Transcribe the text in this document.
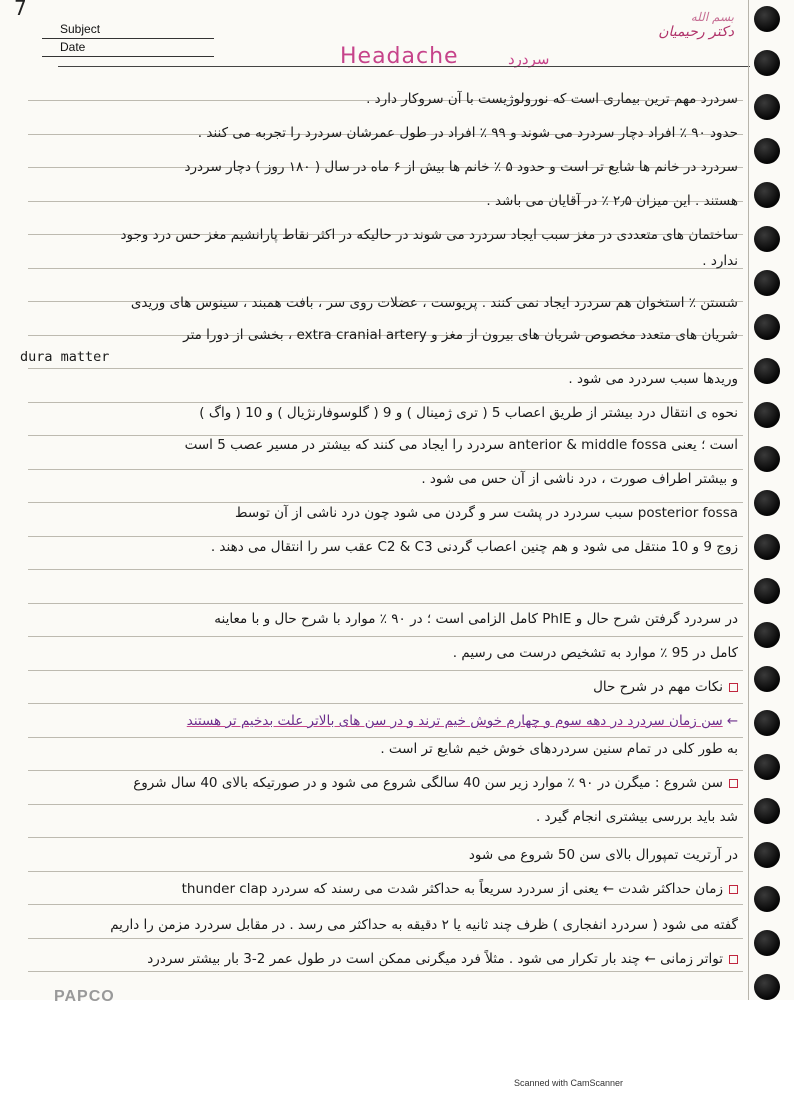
7
Subject
Date
بسم الله
دکتر رحیمیان
Headache	سردرد
سردرد مهم ترین بیماری است که نورولوژیست با آن سروکار دارد .
حدود ۹۰ ٪ افراد دچار سردرد می شوند و ۹۹ ٪ افراد در طول عمرشان سردرد را تجربه می کنند .
سردرد در خانم ها شایع تر است و حدود ۵ ٪ خانم ها بیش از ۶ ماه در سال ( ۱۸۰ روز ) دچار سردرد
هستند . این میزان ۲٫۵ ٪ در آقایان می باشد .
ساختمان های متعددی در مغز سبب ایجاد سردرد می شوند در حالیکه در اکثر نقاط پارانشیم مغز حس درد وجود
ندارد .
شستن ٪ استخوان هم سردرد ایجاد نمی کنند . پریوست ، عضلات روی سر ، بافت همبند ، سینوس های وریدی
شریان های متعدد مخصوص شریان های بیرون از مغز و extra cranial artery ، بخشی از دورا متر
dura matter
وریدها سبب سردرد می شود .
نحوه ی انتقال درد بیشتر از طریق اعصاب 5 ( تری ژمینال ) و 9 ( گلوسوفارنژیال ) و 10 ( واگ )
است ؛ یعنی anterior & middle fossa سردرد را ایجاد می کنند که بیشتر در مسیر عصب 5 است
و بیشتر اطراف صورت ، درد ناشی از آن حس می شود .
posterior fossa سبب سردرد در پشت سر و گردن می شود چون درد ناشی از آن توسط
زوج 9 و 10 منتقل می شود و هم چنین اعصاب گردنی C2 & C3 عقب سر را انتقال می دهند .
در سردرد گرفتن شرح حال و PhIE کامل الزامی است ؛ در ۹۰ ٪ موارد با شرح حال و با معاینه
کامل در 95 ٪ موارد به تشخیص درست می رسیم .
نکات مهم در شرح حال
←سن زمان سردرد در دهه سوم و چهارم خوش خیم ترند و در سن های بالاتر علت بدخیم تر هستند
به طور کلی در تمام سنین سردردهای خوش خیم شایع تر است .
سن شروع : میگرن در ۹۰ ٪ موارد زیر سن 40 سالگی شروع می شود و در صورتیکه بالای 40 سال شروع
شد باید بررسی بیشتری انجام گیرد .
در آرتریت تمپورال بالای سن 50 شروع می شود
زمان حداکثر شدت ← یعنی از سردرد سریعاً به حداکثر شدت می رسند که سردرد thunder clap
گفته می شود ( سردرد انفجاری ) ظرف چند ثانیه یا ۲ دقیقه به حداکثر می رسد . در مقابل سردرد مزمن را داریم
تواتر زمانی ← چند بار تکرار می شود . مثلاً فرد میگرنی ممکن است در طول عمر 2-3 بار بیشتر سردرد
PAPCO
Scanned with CamScanner
